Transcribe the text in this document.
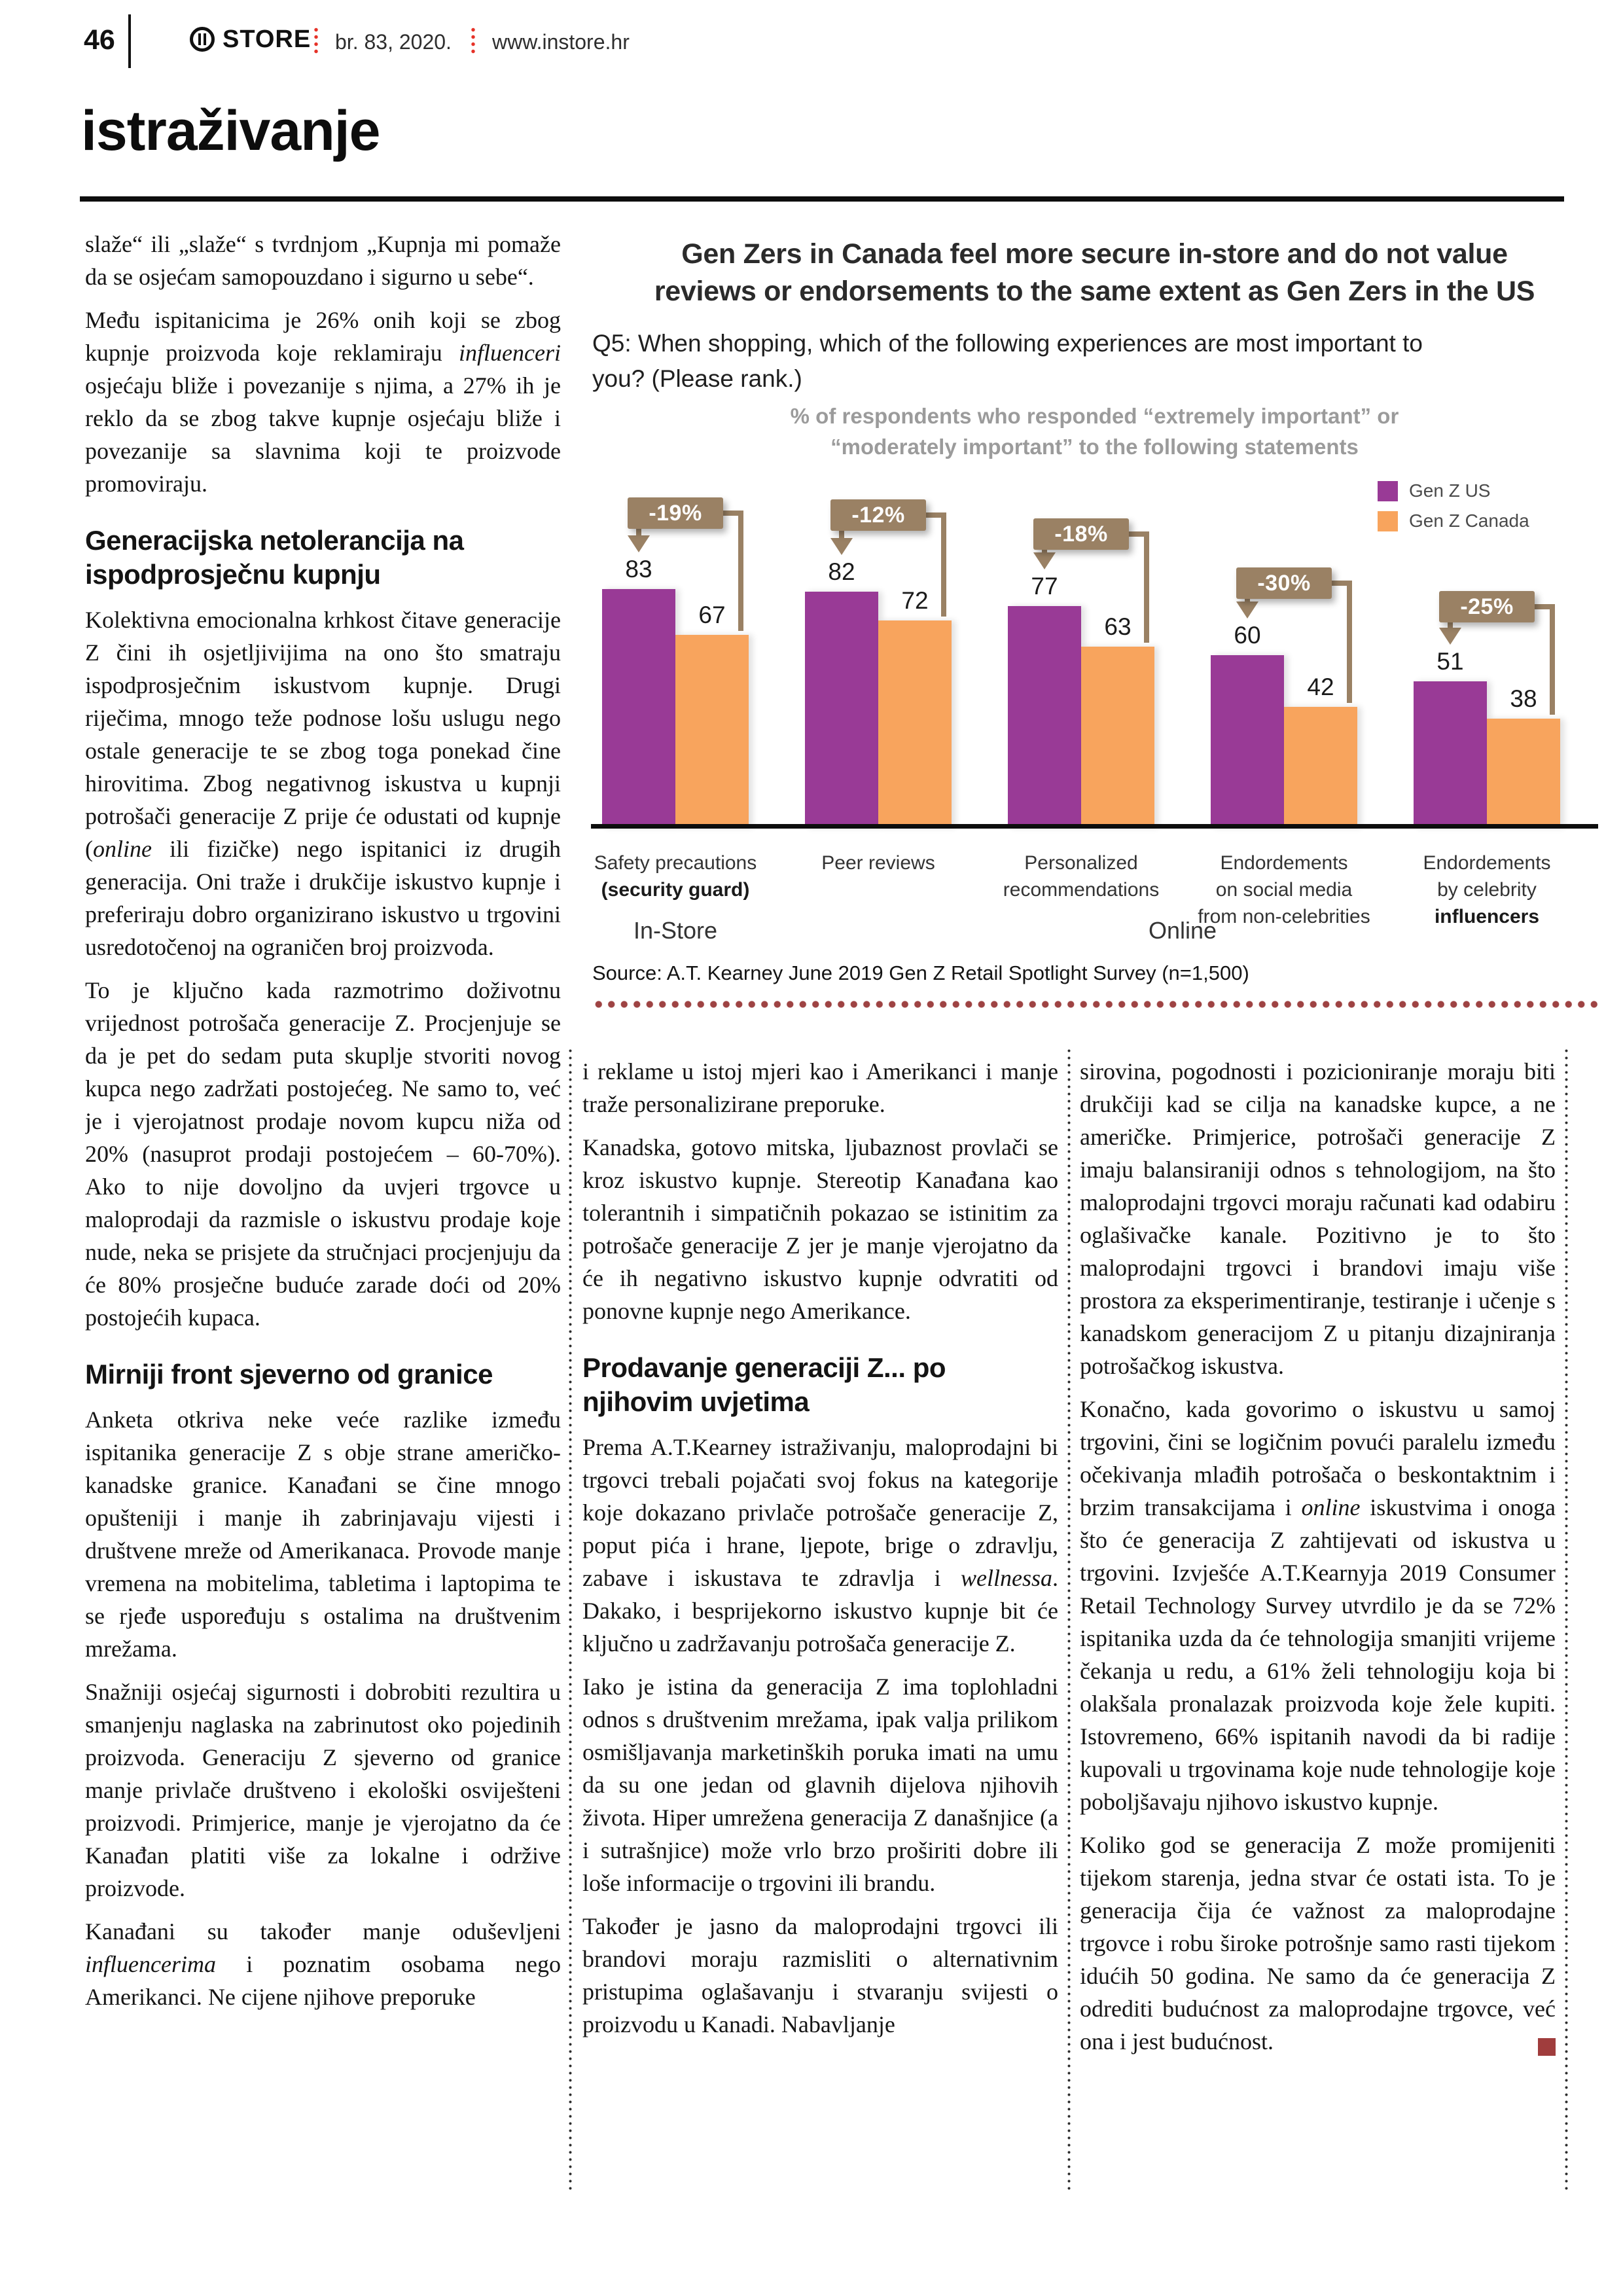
46	STORE br. 83, 2020. www.instore.hr
istraživanje

slaže“ ili „slaže“ s tvrdnjom „Kupnja mi pomaže da se osjećam samopouzdano i sigurno u sebe“.

Među ispitanicima je 26% onih koji se zbog kupnje proizvoda koje reklamiraju influenceri osjećaju bliže i povezanije s njima, a 27% ih je reklo da se zbog takve kupnje osjećaju bliže i povezanije sa slavnima koji te proizvode promoviraju.

Generacijska netolerancija na
ispodprosječnu kupnju

Kolektivna emocionalna krhkost čitave generacije Z čini ih osjetljivijima na ono što smatraju ispodprosječnim iskustvom kupnje. Drugi riječima, mnogo teže podnose lošu uslugu nego ostale generacije te se zbog toga ponekad čine hirovitima. Zbog negativnog iskustva u kupnji potrošači generacije Z prije će odustati od kupnje (online ili fizičke) nego ispitanici iz drugih generacija. Oni traže i drukčije iskustvo kupnje i preferiraju dobro organizirano iskustvo u trgovini usredotočenoj na ograničen broj proizvoda.

To je ključno kada razmotrimo doživotnu vrijednost potrošača generacije Z. Procjenjuje se da je pet do sedam puta skuplje stvoriti novog kupca nego zadržati postojećeg. Ne samo to, već je i vjerojatnost prodaje novom kupcu niža od 20% (nasuprot prodaji postojećem – 60-70%). Ako to nije dovoljno da uvjeri trgovce u maloprodaji da razmisle o iskustvu prodaje koje nude, neka se prisjete da stručnjaci procjenjuju da će 80% prosječne buduće zarade doći od 20% postojećih kupaca.

Mirniji front sjeverno od granice

Anketa otkriva neke veće razlike između ispitanika generacije Z s obje strane američko-kanadske granice. Kanađani se čine mnogo opušteniji i manje ih zabrinjavaju vijesti i društvene mreže od Amerikanaca. Provode manje vremena na mobitelima, tabletima i laptopima te se rjeđe uspoređuju s ostalima na društvenim mrežama.

Snažniji osjećaj sigurnosti i dobrobiti rezultira u smanjenju naglaska na zabrinutost oko pojedinih proizvoda. Generaciju Z sjeverno od granice manje privlače društveno i ekološki osviješteni proizvodi. Primjerice, manje je vjerojatno da će Kanađan platiti više za lokalne i održive proizvode.

Kanađani su također manje oduševljeni influencerima i poznatim osobama nego Amerikanci. Ne cijene njihove preporuke

i reklame u istoj mjeri kao i Amerikanci i manje traže personalizirane preporuke.

Kanadska, gotovo mitska, ljubaznost provlači se kroz iskustvo kupnje. Stereotip Kanađana kao tolerantnih i simpatičnih pokazao se istinitim za potrošače generacije Z jer je manje vjerojatno da će ih negativno iskustvo kupnje odvratiti od ponovne kupnje nego Amerikance.

Prodavanje generaciji Z... po
njihovim uvjetima

Prema A.T.Kearney istraživanju, maloprodajni bi trgovci trebali pojačati svoj fokus na kategorije koje dokazano privlače potrošače generacije Z, poput pića i hrane, ljepote, brige o zdravlju, zabave i iskustava te zdravlja i wellnessa. Dakako, i besprijekorno iskustvo kupnje bit će ključno u zadržavanju potrošača generacije Z.

Iako je istina da generacija Z ima toplohladni odnos s društvenim mrežama, ipak valja prilikom osmišljavanja marketinških poruka imati na umu da su one jedan od glavnih dijelova njihovih života. Hiper umrežena generacija Z današnjice (a i sutrašnjice) može vrlo brzo proširiti dobre ili loše informacije o trgovini ili brandu.

Također je jasno da maloprodajni trgovci ili brandovi moraju razmisliti o alternativnim pristupima oglašavanju i stvaranju svijesti o proizvodu u Kanadi. Nabavljanje

sirovina, pogodnosti i pozicioniranje moraju biti drukčiji kad se cilja na kanadske kupce, a ne američke. Primjerice, potrošači generacije Z imaju balansiraniji odnos s tehnologijom, na što maloprodajni trgovci moraju računati kad odabiru oglašivačke kanale. Pozitivno je to što maloprodajni trgovci i brandovi imaju više prostora za eksperimentiranje, testiranje i učenje s kanadskom generacijom Z u pitanju dizajniranja potrošačkog iskustva.

Konačno, kada govorimo o iskustvu u samoj trgovini, čini se logičnim povući paralelu između očekivanja mlađih potrošača o beskontaktnim i brzim transakcijama i online iskustvima i onoga što će generacija Z zahtijevati od iskustva u trgovini. Izvješće A.T.Kearnyja 2019 Consumer Retail Technology Survey utvrdilo je da se 72% ispitanika uzda da će tehnologija smanjiti vrijeme čekanja u redu, a 61% želi tehnologiju koja bi olakšala pronalazak proizvoda koje žele kupiti. Istovremeno, 66% ispitanih navodi da bi radije kupovali u trgovinama koje nude tehnologije koje poboljšavaju njihovo iskustvo kupnje.

Koliko god se generacija Z može promijeniti tijekom starenja, jedna stvar će ostati ista. To je generacija čija će važnost za maloprodajne trgovce i robu široke potrošnje samo rasti tijekom idućih 50 godina. Ne samo da će generacija Z odrediti budućnost za maloprodajne trgovce, već ona i jest budućnost.

Gen Zers in Canada feel more secure in-store and do not value
reviews or endorsements to the same extent as Gen Zers in the US
Q5: When shopping, which of the following experiences are most important to
you? (Please rank.)
% of respondents who responded “extremely important” or
“moderately important” to the following statements
83
67
-19%
82
72
-12%
77
63
-18%
60
42
-30%
51
38
-25%
Gen Z US
Gen Z Canada
Safety precautions
(security guard)
Peer reviews	Personalized
recommendations
Endordements
on social media
from non-celebrities
Endordements
by celebrity
influencers
In-Store	Online
Source: A.T. Kearney June 2019 Gen Z Retail Spotlight Survey (n=1,500)
